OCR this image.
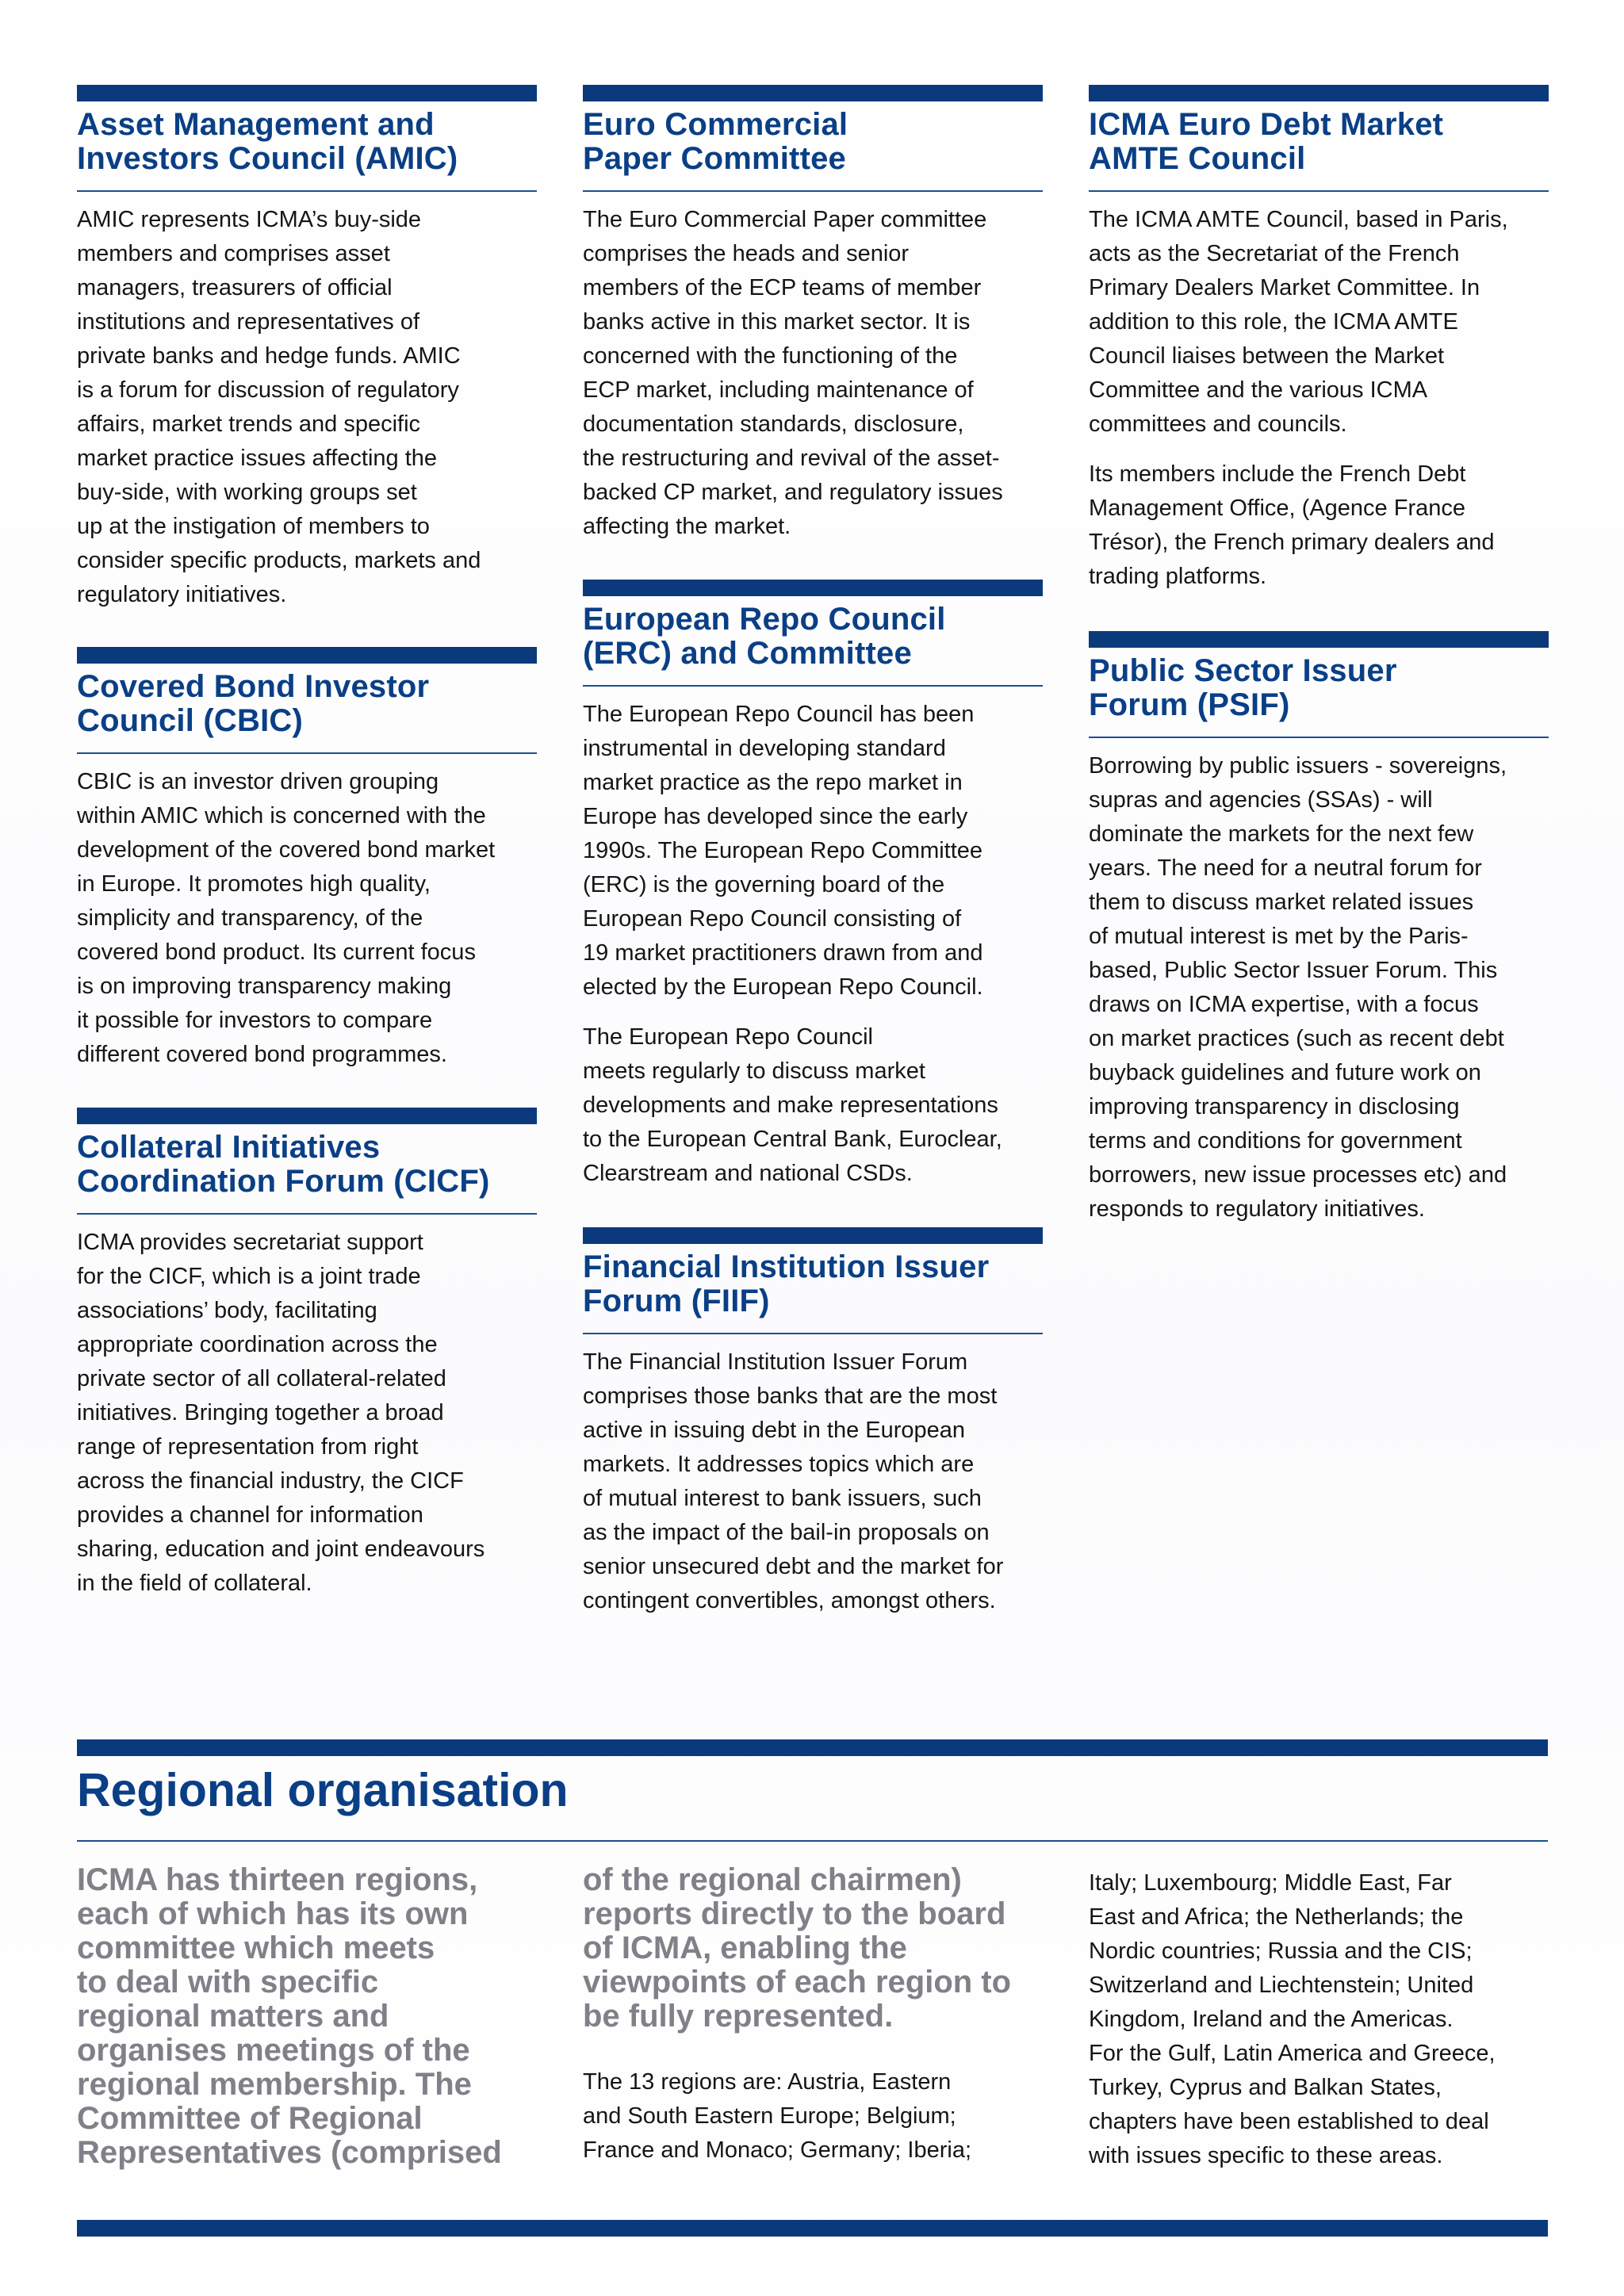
Asset Management and
Investors Council (AMIC)

AMIC represents ICMA’s buy-side
members and comprises asset
managers, treasurers of official
institutions and representatives of
private banks and hedge funds. AMIC
is a forum for discussion of regulatory
affairs, market trends and specific
market practice issues affecting the
buy-side, with working groups set
up at the instigation of members to
consider specific products, markets and
regulatory initiatives.

Covered Bond Investor
Council (CBIC)

CBIC is an investor driven grouping
within AMIC which is concerned with the
development of the covered bond market
in Europe. It promotes high quality,
simplicity and transparency, of the
covered bond product. Its current focus
is on improving transparency making
it possible for investors to compare
different covered bond programmes.

Collateral Initiatives
Coordination Forum (CICF)

ICMA provides secretariat support
for the CICF, which is a joint trade
associations’ body, facilitating
appropriate coordination across the
private sector of all collateral-related
initiatives. Bringing together a broad
range of representation from right
across the financial industry, the CICF
provides a channel for information
sharing, education and joint endeavours
in the field of collateral.

Euro Commercial
Paper Committee

The Euro Commercial Paper committee
comprises the heads and senior
members of the ECP teams of member
banks active in this market sector. It is
concerned with the functioning of the
ECP market, including maintenance of
documentation standards, disclosure,
the restructuring and revival of the asset-
backed CP market, and regulatory issues
affecting the market.

European Repo Council
(ERC) and Committee

The European Repo Council has been
instrumental in developing standard
market practice as the repo market in
Europe has developed since the early
1990s. The European Repo Committee
(ERC) is the governing board of the
European Repo Council consisting of
19 market practitioners drawn from and
elected by the European Repo Council.

The European Repo Council
meets regularly to discuss market
developments and make representations
to the European Central Bank, Euroclear,
Clearstream and national CSDs.

Financial Institution Issuer
Forum (FIIF)

The Financial Institution Issuer Forum
comprises those banks that are the most
active in issuing debt in the European
markets. It addresses topics which are
of mutual interest to bank issuers, such
as the impact of the bail-in proposals on
senior unsecured debt and the market for
contingent convertibles, amongst others.

ICMA Euro Debt Market
AMTE Council

The ICMA AMTE Council, based in Paris,
acts as the Secretariat of the French
Primary Dealers Market Committee. In
addition to this role, the ICMA AMTE
Council liaises between the Market
Committee and the various ICMA
committees and councils.

Its members include the French Debt
Management Office, (Agence France
Trésor), the French primary dealers and
trading platforms.

Public Sector Issuer
Forum (PSIF)

Borrowing by public issuers - sovereigns,
supras and agencies (SSAs) - will
dominate the markets for the next few
years. The need for a neutral forum for
them to discuss market related issues
of mutual interest is met by the Paris-
based, Public Sector Issuer Forum. This
draws on ICMA expertise, with a focus
on market practices (such as recent debt
buyback guidelines and future work on
improving transparency in disclosing
terms and conditions for government
borrowers, new issue processes etc) and
responds to regulatory initiatives.

Regional organisation

ICMA has thirteen regions,
each of which has its own
committee which meets
to deal with specific
regional matters and
organises meetings of the
regional membership. The
Committee of Regional
Representatives (comprised

of the regional chairmen)
reports directly to the board
of ICMA, enabling the
viewpoints of each region to
be fully represented.

The 13 regions are: Austria, Eastern
and South Eastern Europe; Belgium;
France and Monaco; Germany; Iberia;

Italy; Luxembourg; Middle East, Far
East and Africa; the Netherlands; the
Nordic countries; Russia and the CIS;
Switzerland and Liechtenstein; United
Kingdom, Ireland and the Americas.
For the Gulf, Latin America and Greece,
Turkey, Cyprus and Balkan States,
chapters have been established to deal
with issues specific to these areas.
